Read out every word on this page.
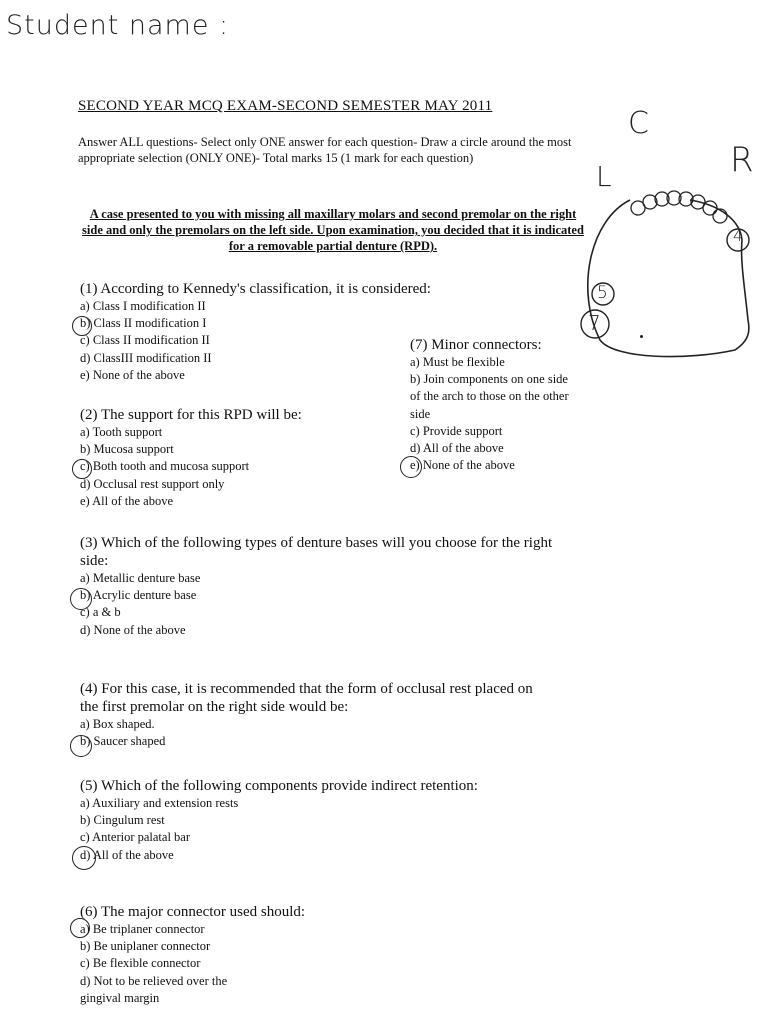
Student name :
SECOND YEAR MCQ EXAM-SECOND SEMESTER MAY 2011
Answer ALL questions- Select only ONE answer for each question- Draw a circle around the most appropriate selection (ONLY ONE)- Total marks 15 (1 mark for each question)
A case presented to you with missing all maxillary molars and second premolar on the right side and only the premolars on the left side. Upon examination, you decided that it is indicated for a removable partial denture (RPD).
C
R
L
4
5
7
(1) According to Kennedy's classification, it is considered:
a) Class I modification II
b) Class II modification I
c) Class II modification II
d) ClassIII modification II
e) None of the above
(2) The support for this RPD will be:
a) Tooth support
b) Mucosa support
c) Both tooth and mucosa support
d) Occlusal rest support only
e) All of the above
(7) Minor connectors:
a) Must be flexible
b) Join components on one side of the arch to those on the other side
c) Provide support
d) All of the above
e) None of the above
(3) Which of the following types of denture bases will you choose for the right side:
a) Metallic denture base
b) Acrylic denture base
c) a & b
d) None of the above
(4) For this case, it is recommended that the form of occlusal rest placed on the first premolar on the right side would be:
a) Box shaped.
b) Saucer shaped
(5) Which of the following components provide indirect retention:
a) Auxiliary and extension rests
b) Cingulum rest
c) Anterior palatal bar
d) All of the above
(6) The major connector used should:
a) Be triplaner connector
b) Be uniplaner connector
c) Be flexible connector
d) Not to be relieved over the gingival margin
